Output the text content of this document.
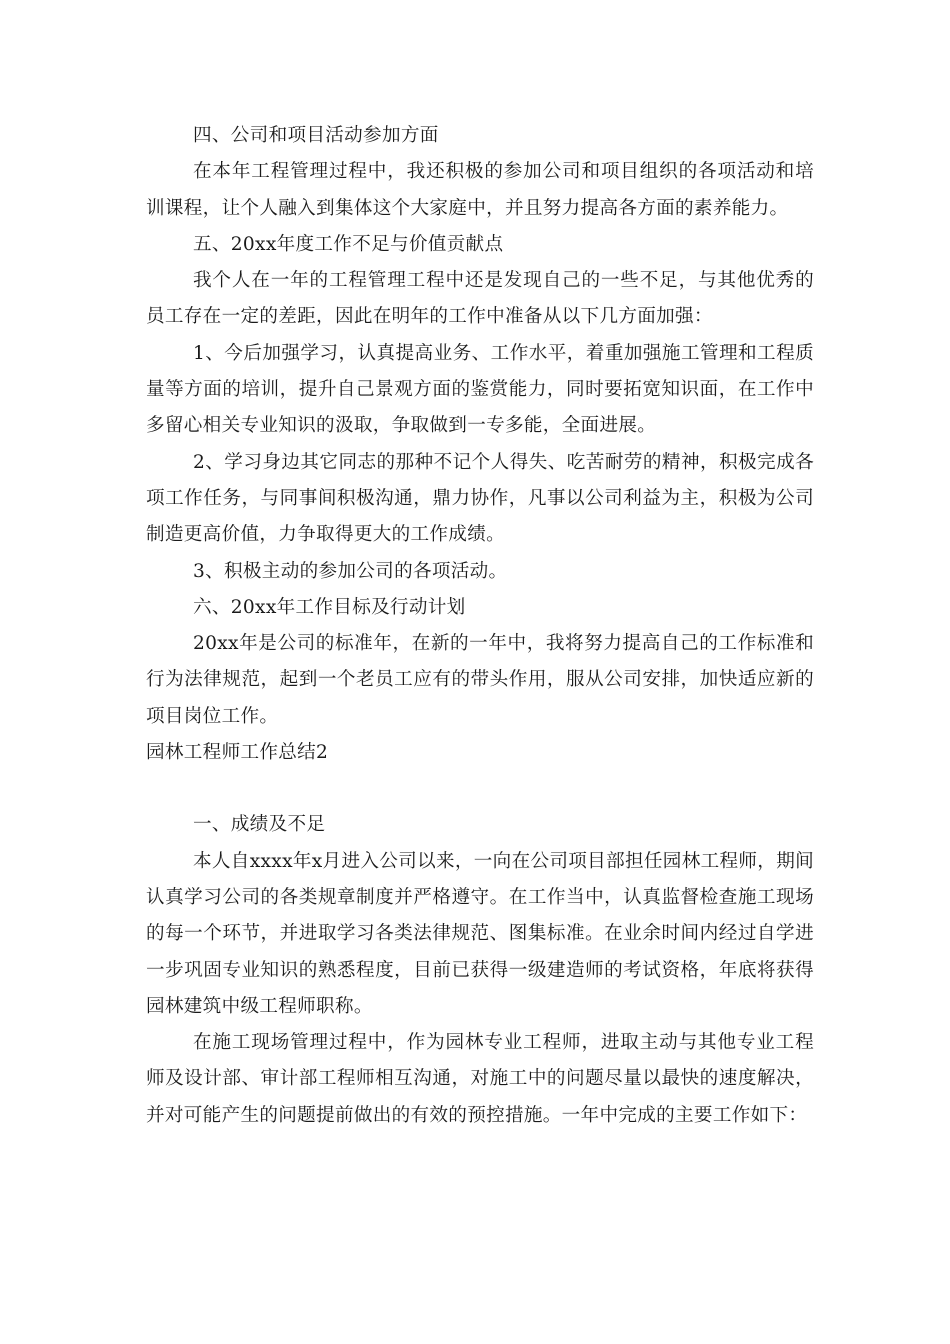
四、公司和项目活动参加方面

在本年工程管理过程中，我还积极的参加公司和项目组织的各项活动和培训课程，让个人融入到集体这个大家庭中，并且努力提高各方面的素养能力。

五、20xx年度工作不足与价值贡献点

我个人在一年的工程管理工程中还是发现自己的一些不足，与其他优秀的员工存在一定的差距，因此在明年的工作中准备从以下几方面加强：

1、今后加强学习，认真提高业务、工作水平，着重加强施工管理和工程质量等方面的培训，提升自己景观方面的鉴赏能力，同时要拓宽知识面，在工作中多留心相关专业知识的汲取，争取做到一专多能，全面进展。

2、学习身边其它同志的那种不记个人得失、吃苦耐劳的精神，积极完成各项工作任务，与同事间积极沟通，鼎力协作，凡事以公司利益为主，积极为公司制造更高价值，力争取得更大的工作成绩。

3、积极主动的参加公司的各项活动。

六、20xx年工作目标及行动计划

20xx年是公司的标准年，在新的一年中，我将努力提高自己的工作标准和行为法律规范，起到一个老员工应有的带头作用，服从公司安排，加快适应新的项目岗位工作。

园林工程师工作总结2

一、成绩及不足

本人自xxxx年x月进入公司以来，一向在公司项目部担任园林工程师，期间认真学习公司的各类规章制度并严格遵守。在工作当中，认真监督检查施工现场的每一个环节，并进取学习各类法律规范、图集标准。在业余时间内经过自学进一步巩固专业知识的熟悉程度，目前已获得一级建造师的考试资格，年底将获得园林建筑中级工程师职称。

在施工现场管理过程中，作为园林专业工程师，进取主动与其他专业工程师及设计部、审计部工程师相互沟通，对施工中的问题尽量以最快的速度解决，并对可能产生的问题提前做出的有效的预控措施。一年中完成的主要工作如下：
